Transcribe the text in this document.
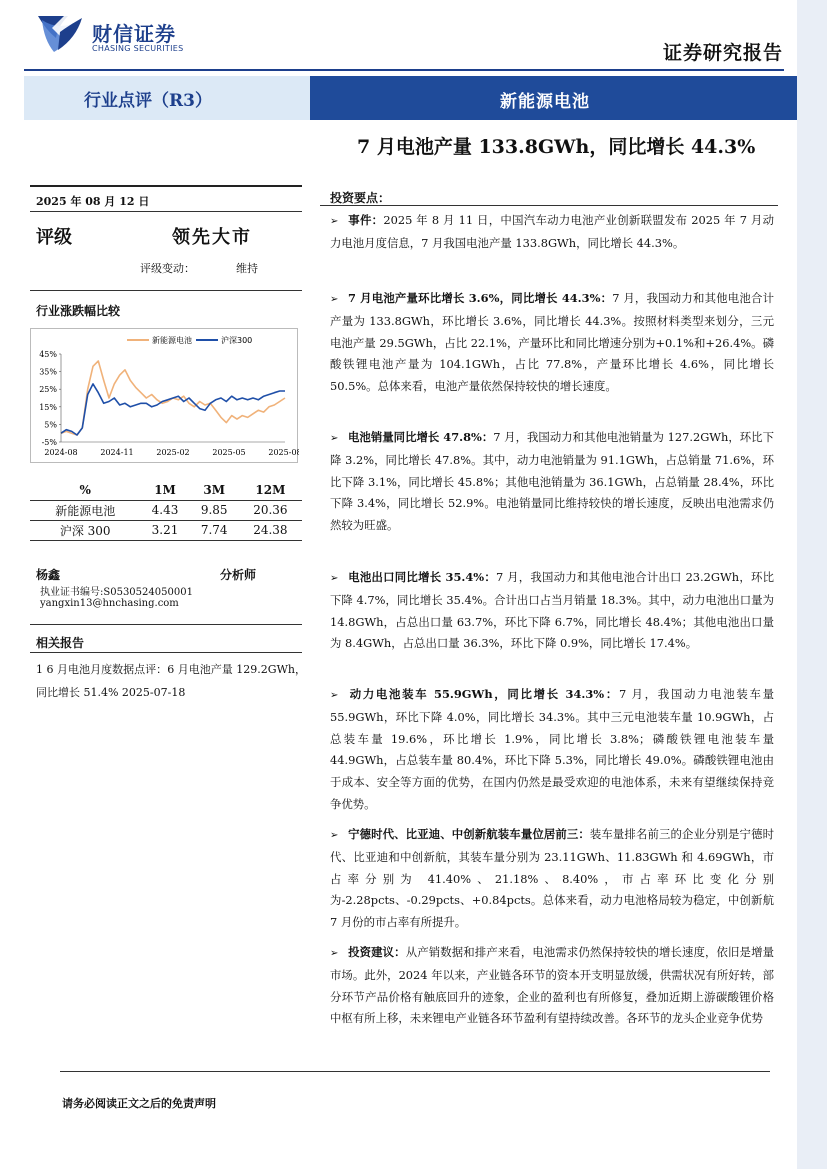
财信证券
CHASING SECURITIES	证券研究报告
行业点评（R3）	新能源电池
7 月电池产量 133.8GWh，同比增长 44.3%
2025 年 08 月 12 日
评级	领先大市
评级变动：	维持
行业涨跌幅比较
新能源电池	沪深300
-5%
5%
15%
25%
35%
45%
2024-08	2024-11	2025-02	2025-05	2025-08
%	1M	3M	12M
新能源电池	4.43	9.85	20.36
沪深 300	3.21	7.74	24.38
杨鑫	分析师
执业证书编号:S0530524050001
yangxin13@hnchasing.com
相关报告
1 6 月电池月度数据点评：6 月电池产量 129.2GWh，同比增长 51.4% 2025-07-18
投资要点：
➢ 事件：2025 年 8 月 11 日，中国汽车动力电池产业创新联盟发布 2025 年 7 月动力电池月度信息，7 月我国电池产量 133.8GWh，同比增长 44.3%。
➢ 7 月电池产量环比增长 3.6%，同比增长 44.3%：7 月，我国动力和其他电池合计产量为 133.8GWh，环比增长 3.6%，同比增长 44.3%。按照材料类型来划分，三元电池产量 29.5GWh，占比 22.1%，产量环比和同比增速分别为+0.1%和+26.4%。磷酸铁锂电池产量为 104.1GWh，占比 77.8%，产量环比增长 4.6%，同比增长 50.5%。总体来看，电池产量依然保持较快的增长速度。
➢ 电池销量同比增长 47.8%：7 月，我国动力和其他电池销量为 127.2GWh，环比下降 3.2%，同比增长 47.8%。其中，动力电池销量为 91.1GWh，占总销量 71.6%，环比下降 3.1%，同比增长 45.8%；其他电池销量为 36.1GWh，占总销量 28.4%，环比下降 3.4%，同比增长 52.9%。电池销量同比维持较快的增长速度，反映出电池需求仍然较为旺盛。
➢ 电池出口同比增长 35.4%：7 月，我国动力和其他电池合计出口 23.2GWh，环比下降 4.7%，同比增长 35.4%。合计出口占当月销量 18.3%。其中，动力电池出口量为 14.8GWh，占总出口量 63.7%，环比下降 6.7%，同比增长 48.4%；其他电池出口量为 8.4GWh，占总出口量 36.3%，环比下降 0.9%，同比增长 17.4%。
➢ 动力电池装车 55.9GWh，同比增长 34.3%：7 月，我国动力电池装车量 55.9GWh，环比下降 4.0%，同比增长 34.3%。其中三元电池装车量 10.9GWh，占总装车量 19.6%，环比增长 1.9%，同比增长 3.8%；磷酸铁锂电池装车量 44.9GWh，占总装车量 80.4%，环比下降 5.3%，同比增长 49.0%。磷酸铁锂电池由于成本、安全等方面的优势，在国内仍然是最受欢迎的电池体系，未来有望继续保持竞争优势。
➢ 宁德时代、比亚迪、中创新航装车量位居前三：装车量排名前三的企业分别是宁德时代、比亚迪和中创新航，其装车量分别为 23.11GWh、11.83GWh 和 4.69GWh，市占率分别为 41.40%、21.18%、8.40%，市占率环比变化分别为-2.28pcts、-0.29pcts、+0.84pcts。总体来看，动力电池格局较为稳定，中创新航 7 月份的市占率有所提升。
➢ 投资建议：从产销数据和排产来看，电池需求仍然保持较快的增长速度，依旧是增量市场。此外，2024 年以来，产业链各环节的资本开支明显放缓，供需状况有所好转，部分环节产品价格有触底回升的迹象，企业的盈利也有所修复，叠加近期上游碳酸锂价格中枢有所上移，未来锂电产业链各环节盈利有望持续改善。各环节的龙头企业竞争优势
请务必阅读正文之后的免责声明
